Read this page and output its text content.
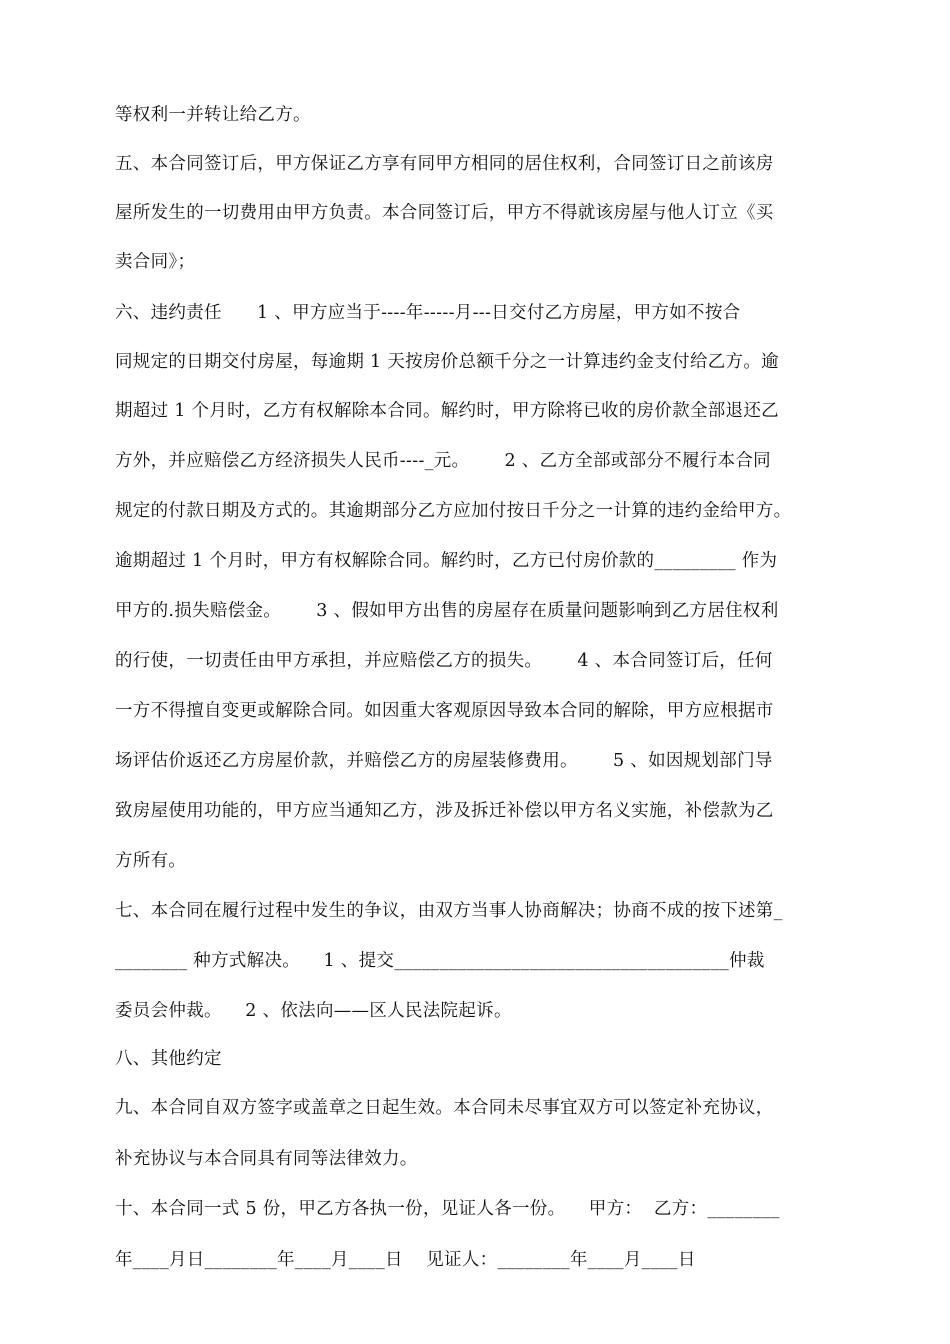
等权利一并转让给乙方。
五、本合同签订后，甲方保证乙方享有同甲方相同的居住权利，合同签订日之前该房
屋所发生的一切费用由甲方负责。本合同签订后，甲方不得就该房屋与他人订立《买
卖合同》；
六、违约责任      1 、甲方应当于----年-----月---日交付乙方房屋，甲方如不按合
同规定的日期交付房屋，每逾期 1 天按房价总额千分之一计算违约金支付给乙方。逾
期超过 1 个月时，乙方有权解除本合同。解约时，甲方除将已收的房价款全部退还乙
方外，并应赔偿乙方经济损失人民币----_元。      2 、乙方全部或部分不履行本合同
规定的付款日期及方式的。其逾期部分乙方应加付按日千分之一计算的违约金给甲方。
逾期超过 1 个月时，甲方有权解除合同。解约时，乙方已付房价款的_________ 作为
甲方的.损失赔偿金。      3 、假如甲方出售的房屋存在质量问题影响到乙方居住权利
的行使，一切责任由甲方承担，并应赔偿乙方的损失。      4 、本合同签订后，任何
一方不得擅自变更或解除合同。如因重大客观原因导致本合同的解除，甲方应根据市
场评估价返还乙方房屋价款，并赔偿乙方的房屋装修费用。      5 、如因规划部门导
致房屋使用功能的，甲方应当通知乙方，涉及拆迁补偿以甲方名义实施，补偿款为乙
方所有。
七、本合同在履行过程中发生的争议，由双方当事人协商解决；协商不成的按下述第_
________ 种方式解决。    1 、提交_____________________________________仲裁
委员会仲裁。    2 、依法向——区人民法院起诉。
八、其他约定
九、本合同自双方签字或盖章之日起生效。本合同未尽事宜双方可以签定补充协议，
补充协议与本合同具有同等法律效力。
十、本合同一式 5 份，甲乙方各执一份，见证人各一份。    甲方：  乙方：________
年____月日________年____月____日    见证人：________年____月____日
